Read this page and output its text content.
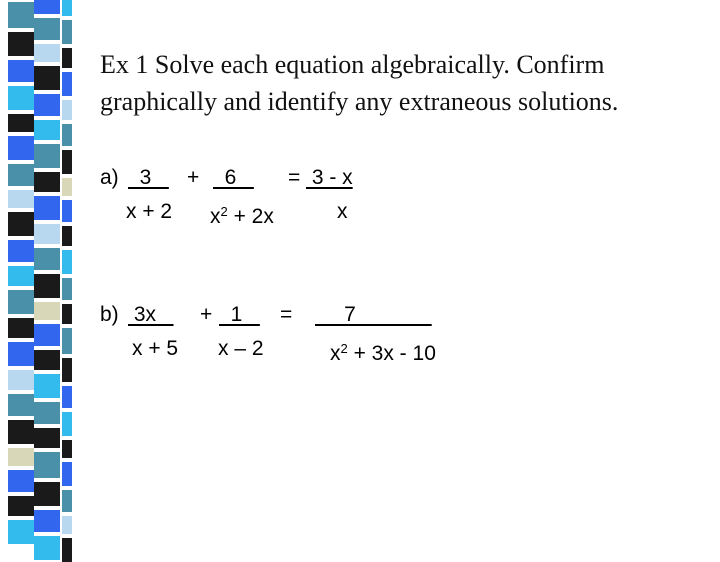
Ex 1 Solve each equation algebraically. Confirm
graphically and identify any extraneous solutions.
a) 3 + 6 = 3 - x
x + 2 $x^2 + 2x$	x
b) 3x + 1 = 7
x + 5 x – 2	$x^2 + 3x - 10$
